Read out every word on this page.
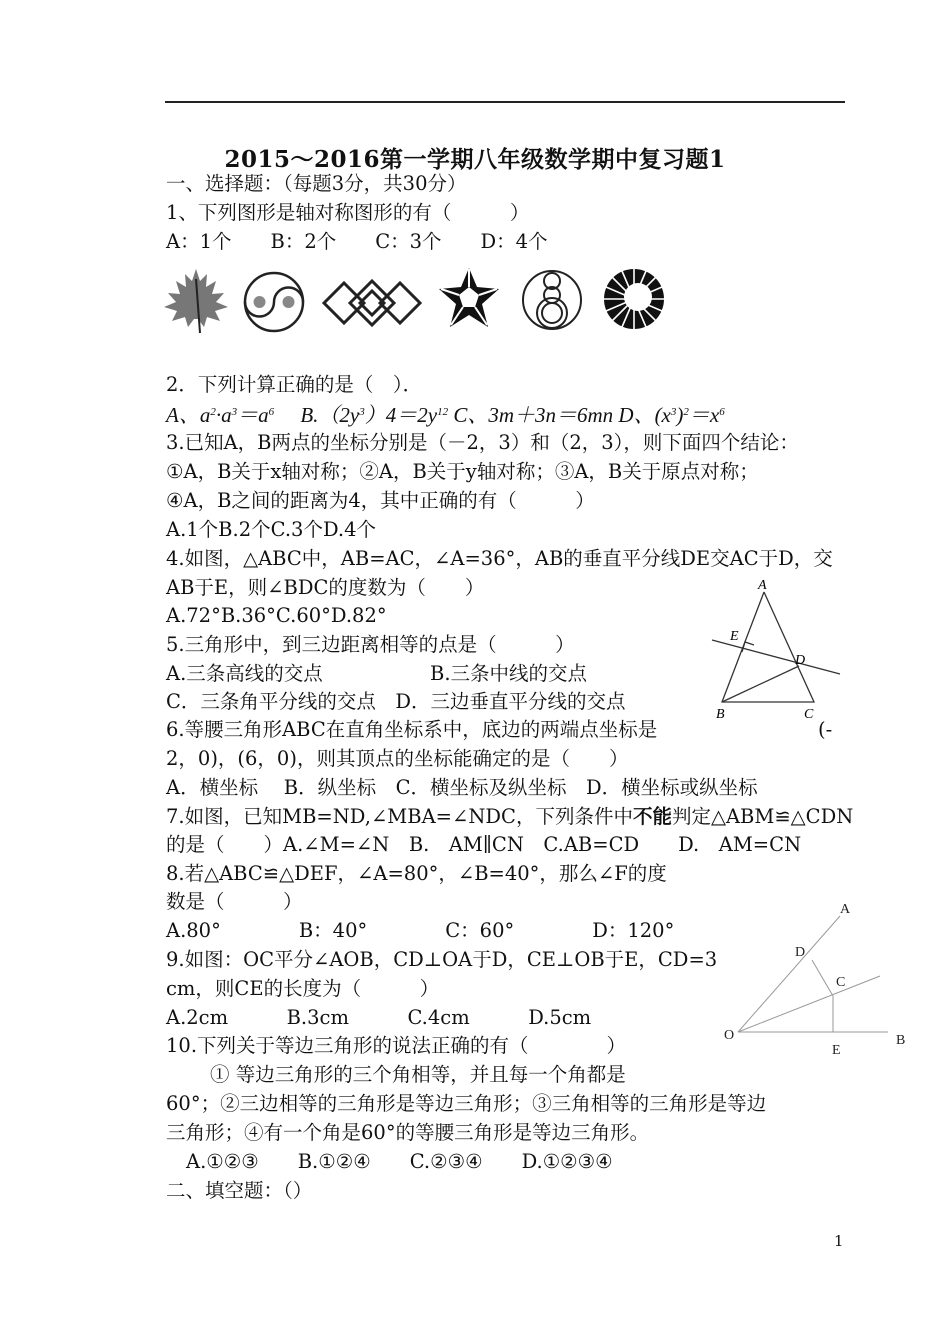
2015～2016第一学期八年级数学期中复习题1
一、选择题：（每题3分，共30分）
1、下列图形是轴对称图形的有（　　　）
A：1个　　B：2个　　C：3个　　D：4个
2．下列计算正确的是（　）．
A、$a^2\cdot a^3=a^6$　 $B.(2y^3)4=2y^{12}$ C、3m＋3n＝6mn D、$(x^3)^2=x^6$
3.已知A，B两点的坐标分别是（－2，3）和（2，3），则下面四个结论：
①A，B关于x轴对称；②A，B关于y轴对称；③A，B关于原点对称；
④A，B之间的距离为4，其中正确的有（　　　）
A.1个B.2个C.3个D.4个
4.如图，△ABC中，AB=AC，∠A=36°，AB的垂直平分线DE交AC于D，交
AB于E，则∠BDC的度数为（　　）
A.72°B.36°C.60°D.82°
A
E
D
B	C
5.三角形中，到三边距离相等的点是（　　　）
A.三条高线的交点	B.三条中线的交点
C．三条角平分线的交点　D．三边垂直平分线的交点
6.等腰三角形ABC在直角坐标系中，底边的两端点坐标是	(-
2，0)，(6，0)，则其顶点的坐标能确定的是（　　）
A．横坐标　 B．纵坐标　C．横坐标及纵坐标　D．横坐标或纵坐标
7.如图，已知MB=ND,∠MBA=∠NDC，下列条件中不能判定△ABM≌△CDN
的是（　　）A.∠M=∠N　B.　AM∥CN　C.AB=CD　　D.　AM=CN
8.若△ABC≌△DEF，∠A=80°，∠B=40°，那么∠F的度
数是（　　　）
A.80°　　　　B：40°　　　　C：60°　　　　D：120°
9.如图：OC平分∠AOB，CD⊥OA于D，CE⊥OB于E，CD=3
cm，则CE的长度为（　　　）
A.2cm　　　B.3cm　　　C.4cm　　　D.5cm
A
D
C
O	B
E
10.下列关于等边三角形的说法正确的有（　　　　）
① 等边三角形的三个角相等，并且每一个角都是
60°；②三边相等的三角形是等边三角形；③三角相等的三角形是等边
三角形；④有一个角是60°的等腰三角形是等边三角形。
A.①②③　　B.①②④　　C.②③④　　D.①②③④
二、填空题：（）
1
